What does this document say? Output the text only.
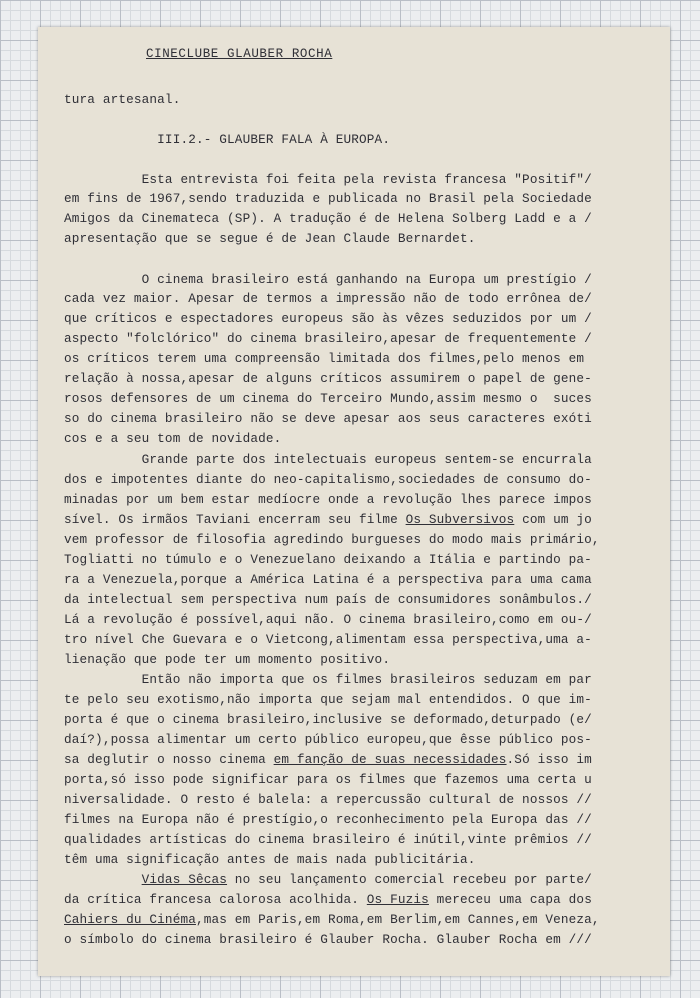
CINECLUBE GLAUBER ROCHA
tura artesanal.
III.2.- GLAUBER FALA À EUROPA.
Esta entrevista foi feita pela revista francesa "Positif"/
em fins de 1967,sendo traduzida e publicada no Brasil pela Sociedade
Amigos da Cinemateca (SP). A tradução é de Helena Solberg Ladd e a /
apresentação que se segue é de Jean Claude Bernardet.
O cinema brasileiro está ganhando na Europa um prestígio /
cada vez maior. Apesar de termos a impressão não de todo errônea de/
que críticos e espectadores europeus são às vêzes seduzidos por um /
aspecto "folclórico" do cinema brasileiro,apesar de frequentemente /
os críticos terem uma compreensão limitada dos filmes,pelo menos em
relação à nossa,apesar de alguns críticos assumirem o papel de gene-
rosos defensores de um cinema do Terceiro Mundo,assim mesmo o  suces
so do cinema brasileiro não se deve apesar aos seus caracteres exóti
cos e a seu tom de novidade.
Grande parte dos intelectuais europeus sentem-se encurrala
dos e impotentes diante do neo-capitalismo,sociedades de consumo do-
minadas por um bem estar medíocre onde a revolução lhes parece impos
sível. Os irmãos Taviani encerram seu filme Os Subversivos com um jo
vem professor de filosofia agredindo burgueses do modo mais primário,
Togliatti no túmulo e o Venezuelano deixando a Itália e partindo pa-
ra a Venezuela,porque a América Latina é a perspectiva para uma cama
da intelectual sem perspectiva num país de consumidores sonâmbulos./
Lá a revolução é possível,aqui não. O cinema brasileiro,como em ou-/
tro nível Che Guevara e o Vietcong,alimentam essa perspectiva,uma a-
lienação que pode ter um momento positivo.
Então não importa que os filmes brasileiros seduzam em par
te pelo seu exotismo,não importa que sejam mal entendidos. O que im-
porta é que o cinema brasileiro,inclusive se deformado,deturpado (e/
daí?),possa alimentar um certo público europeu,que êsse público pos-
sa deglutir o nosso cinema em fanção de suas necessidades.Só isso im
porta,só isso pode significar para os filmes que fazemos uma certa u
niversalidade. O resto é balela: a repercussão cultural de nossos //
filmes na Europa não é prestígio,o reconhecimento pela Europa das //
qualidades artísticas do cinema brasileiro é inútil,vinte prêmios //
têm uma significação antes de mais nada publicitária.
Vidas Sêcas no seu lançamento comercial recebeu por parte/
da crítica francesa calorosa acolhida. Os Fuzis mereceu uma capa dos
Cahiers du Cinéma,mas em Paris,em Roma,em Berlim,em Cannes,em Veneza,
o símbolo do cinema brasileiro é Glauber Rocha. Glauber Rocha em ///
